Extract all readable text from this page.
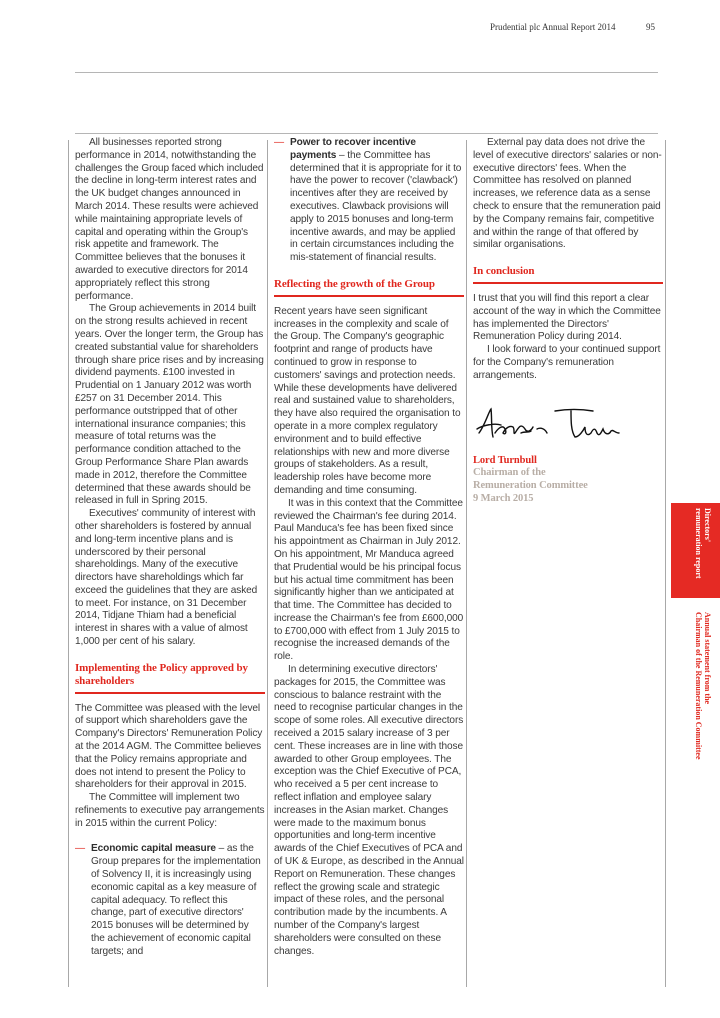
Prudential plc Annual Report 2014	95

All businesses reported strong performance in 2014, notwithstanding the challenges the Group faced which included the decline in long-term interest rates and the UK budget changes announced in March 2014. These results were achieved while maintaining appropriate levels of capital and operating within the Group's risk appetite and framework. The Committee believes that the bonuses it awarded to executive directors for 2014 appropriately reflect this strong performance.

The Group achievements in 2014 built on the strong results achieved in recent years. Over the longer term, the Group has created substantial value for shareholders through share price rises and by increasing dividend payments. £100 invested in Prudential on 1 January 2012 was worth £257 on 31 December 2014. This performance outstripped that of other international insurance companies; this measure of total returns was the performance condition attached to the Group Performance Share Plan awards made in 2012, therefore the Committee determined that these awards should be released in full in Spring 2015.

Executives' community of interest with other shareholders is fostered by annual and long-term incentive plans and is underscored by their personal shareholdings. Many of the executive directors have shareholdings which far exceed the guidelines that they are asked to meet. For instance, on 31 December 2014, Tidjane Thiam had a beneficial interest in shares with a value of almost 1,000 per cent of his salary.

Implementing the Policy approved by shareholders

The Committee was pleased with the level of support which shareholders gave the Company's Directors' Remuneration Policy at the 2014 AGM. The Committee believes that the Policy remains appropriate and does not intend to present the Policy to shareholders for their approval in 2015.

The Committee will implement two refinements to executive pay arrangements in 2015 within the current Policy:

— Economic capital measure – as the Group prepares for the implementation of Solvency II, it is increasingly using economic capital as a key measure of capital adequacy. To reflect this change, part of executive directors' 2015 bonuses will be determined by the achievement of economic capital targets; and
— Power to recover incentive payments – the Committee has determined that it is appropriate for it to have the power to recover ('clawback') incentives after they are received by executives. Clawback provisions will apply to 2015 bonuses and long-term incentive awards, and may be applied in certain circumstances including the mis-statement of financial results.
Reflecting the growth of the Group

Recent years have seen significant increases in the complexity and scale of the Group. The Company's geographic footprint and range of products have continued to grow in response to customers' savings and protection needs. While these developments have delivered real and sustained value to shareholders, they have also required the organisation to operate in a more complex regulatory environment and to build effective relationships with new and more diverse groups of stakeholders. As a result, leadership roles have become more demanding and time consuming.

It was in this context that the Committee reviewed the Chairman's fee during 2014. Paul Manduca's fee has been fixed since his appointment as Chairman in July 2012. On his appointment, Mr Manduca agreed that Prudential would be his principal focus but his actual time commitment has been significantly higher than we anticipated at that time. The Committee has decided to increase the Chairman's fee from £600,000 to £700,000 with effect from 1 July 2015 to recognise the increased demands of the role.

In determining executive directors' packages for 2015, the Committee was conscious to balance restraint with the need to recognise particular changes in the scope of some roles. All executive directors received a 2015 salary increase of 3 per cent. These increases are in line with those awarded to other Group employees. The exception was the Chief Executive of PCA, who received a 5 per cent increase to reflect inflation and employee salary increases in the Asian market. Changes were made to the maximum bonus opportunities and long-term incentive awards of the Chief Executives of PCA and of UK & Europe, as described in the Annual Report on Remuneration. These changes reflect the growing scale and strategic impact of these roles, and the personal contribution made by the incumbents. A number of the Company's largest shareholders were consulted on these changes.

External pay data does not drive the level of executive directors' salaries or non-executive directors' fees. When the Committee has resolved on planned increases, we reference data as a sense check to ensure that the remuneration paid by the Company remains fair, competitive and within the range of that offered by similar organisations.

In conclusion

I trust that you will find this report a clear account of the way in which the Committee has implemented the Directors' Remuneration Policy during 2014.

I look forward to your continued support for the Company's remuneration arrangements.

Lord Turnbull
Chairman of the
Remuneration Committee
9 March 2015
Directors'
remuneration report
Annual statement from the
Chairman of the Remuneration Committee
